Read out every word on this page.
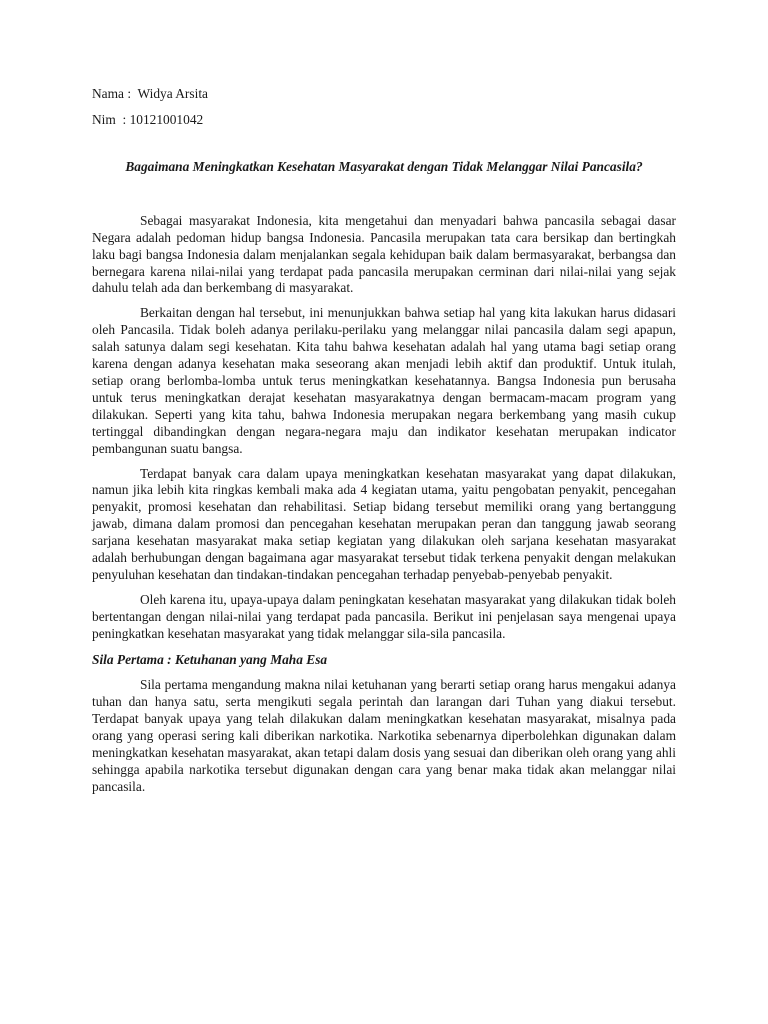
Nama :  Widya Arsita

Nim  : 10121001042

Bagaimana Meningkatkan Kesehatan Masyarakat dengan Tidak Melanggar Nilai Pancasila?

Sebagai masyarakat Indonesia, kita mengetahui dan menyadari bahwa pancasila sebagai dasar Negara adalah pedoman hidup bangsa Indonesia. Pancasila merupakan tata cara bersikap dan bertingkah laku bagi bangsa Indonesia dalam menjalankan segala kehidupan baik dalam bermasyarakat, berbangsa dan bernegara karena nilai-nilai yang terdapat pada pancasila merupakan cerminan dari nilai-nilai yang sejak dahulu telah ada dan berkembang di masyarakat.

Berkaitan dengan hal tersebut, ini menunjukkan bahwa setiap hal yang kita lakukan harus didasari oleh Pancasila. Tidak boleh adanya perilaku-perilaku yang melanggar nilai pancasila dalam segi apapun, salah satunya dalam segi kesehatan. Kita tahu bahwa kesehatan adalah hal yang utama bagi setiap orang karena dengan adanya kesehatan maka seseorang akan menjadi lebih aktif dan produktif. Untuk itulah, setiap orang berlomba-lomba untuk terus meningkatkan kesehatannya. Bangsa Indonesia pun berusaha untuk terus meningkatkan derajat kesehatan masyarakatnya dengan bermacam-macam program yang dilakukan. Seperti yang kita tahu, bahwa Indonesia merupakan negara berkembang yang masih cukup tertinggal dibandingkan dengan negara-negara maju dan indikator kesehatan merupakan indicator pembangunan suatu bangsa.

Terdapat banyak cara dalam upaya meningkatkan kesehatan masyarakat yang dapat dilakukan, namun jika lebih kita ringkas kembali maka ada 4 kegiatan utama, yaitu pengobatan penyakit, pencegahan penyakit, promosi kesehatan dan rehabilitasi. Setiap bidang tersebut memiliki orang yang bertanggung jawab, dimana dalam promosi dan pencegahan kesehatan merupakan peran dan tanggung jawab seorang sarjana kesehatan masyarakat maka setiap kegiatan yang dilakukan oleh sarjana kesehatan masyarakat adalah berhubungan dengan bagaimana agar masyarakat tersebut tidak terkena penyakit dengan melakukan penyuluhan kesehatan dan tindakan-tindakan pencegahan terhadap penyebab-penyebab penyakit.

Oleh karena itu, upaya-upaya dalam peningkatan kesehatan masyarakat yang dilakukan tidak boleh bertentangan dengan nilai-nilai yang terdapat pada pancasila. Berikut ini penjelasan saya mengenai upaya peningkatkan kesehatan masyarakat yang tidak melanggar sila-sila pancasila.

Sila Pertama : Ketuhanan yang Maha Esa

Sila pertama mengandung makna nilai ketuhanan yang berarti setiap orang harus mengakui adanya tuhan dan hanya satu, serta mengikuti segala perintah dan larangan dari Tuhan yang diakui tersebut. Terdapat banyak upaya yang telah dilakukan dalam meningkatkan kesehatan masyarakat, misalnya pada orang yang operasi sering kali diberikan narkotika. Narkotika sebenarnya diperbolehkan digunakan dalam meningkatkan kesehatan masyarakat, akan tetapi dalam dosis yang sesuai dan diberikan oleh orang yang ahli sehingga apabila narkotika tersebut digunakan dengan cara yang benar maka tidak akan melanggar nilai pancasila.
